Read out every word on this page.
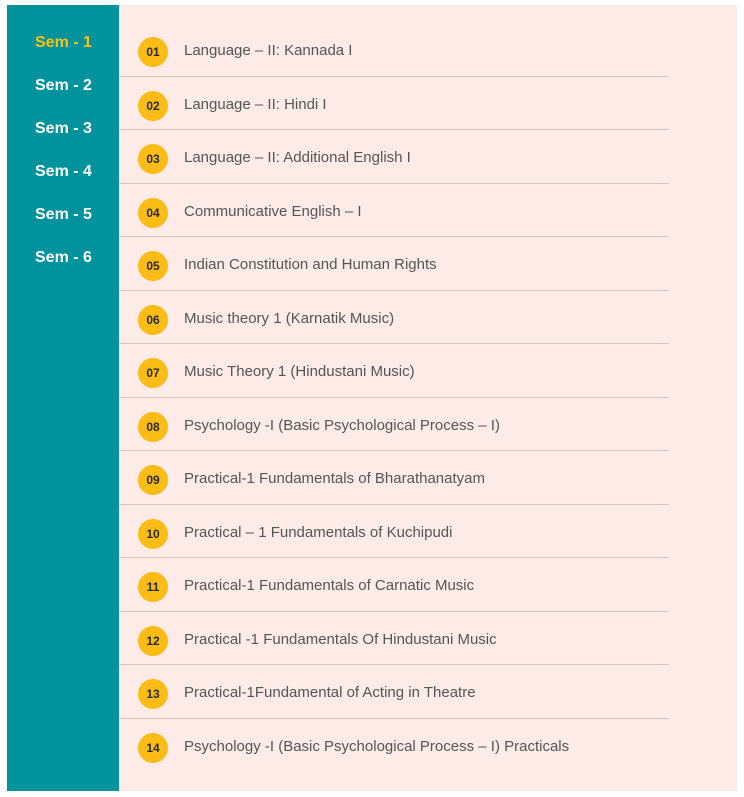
Sem - 1
Sem - 2
Sem - 3
Sem - 4
Sem - 5
Sem - 6
01	Language – II: Kannada I
02	Language – II: Hindi I
03	Language – II: Additional English I
04	Communicative English – I
05	Indian Constitution and Human Rights
06	Music theory 1 (Karnatik Music)
07	Music Theory 1 (Hindustani Music)
08	Psychology -I (Basic Psychological Process – I)
09	Practical-1 Fundamentals of Bharathanatyam
10	Practical – 1 Fundamentals of Kuchipudi
11	Practical-1 Fundamentals of Carnatic Music
12	Practical -1 Fundamentals Of Hindustani Music
13	Practical-1Fundamental of Acting in Theatre
14	Psychology -I (Basic Psychological Process – I) Practicals
